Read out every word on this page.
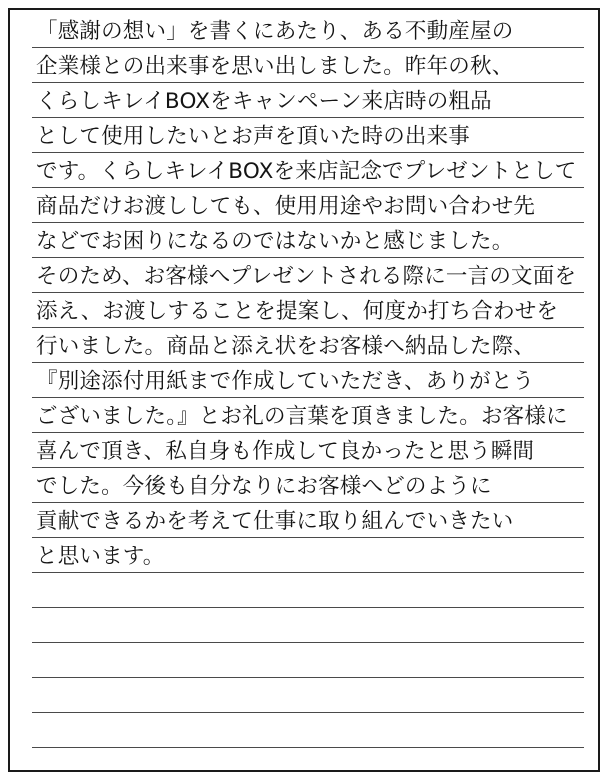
「感謝の想い」を書くにあたり、ある不動産屋の
企業様との出来事を思い出しました。昨年の秋、
くらしキレイBOXをキャンペーン来店時の粗品
として使用したいとお声を頂いた時の出来事
です。くらしキレイBOXを来店記念でプレゼントとして
商品だけお渡ししても、使用用途やお問い合わせ先
などでお困りになるのではないかと感じました。
そのため、お客様へプレゼントされる際に一言の文面を
添え、お渡しすることを提案し、何度か打ち合わせを
行いました。商品と添え状をお客様へ納品した際、
『別途添付用紙まで作成していただき、ありがとう
ございました。』とお礼の言葉を頂きました。お客様に
喜んで頂き、私自身も作成して良かったと思う瞬間
でした。今後も自分なりにお客様へどのように
貢献できるかを考えて仕事に取り組んでいきたい
と思います。
